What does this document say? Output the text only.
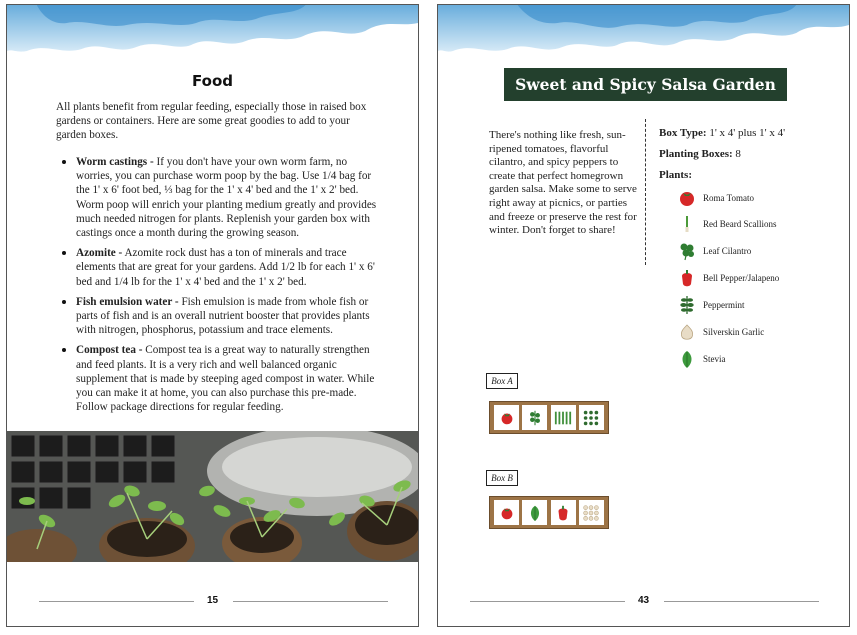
Food

All plants benefit from regular feeding, especially those in raised box gardens or containers. Here are some great goodies to add to your garden boxes.

Worm castings - If you don't have your own worm farm, no worries, you can purchase worm poop by the bag. Use 1/4 bag for the 1' x 6' foot bed, ⅓ bag for the 1' x 4' bed and the 1' x 2' bed. Worm poop will enrich your planting medium greatly and provides much needed nitrogen for plants. Replenish your garden box with castings once a month during the growing season.
Azomite - Azomite rock dust has a ton of minerals and trace elements that are great for your gardens. Add 1/2 lb for each 1' x 6' bed and 1/4 lb for the 1' x 4' bed and the 1' x 2' bed.
Fish emulsion water - Fish emulsion is made from whole fish or parts of fish and is an overall nutrient booster that provides plants with nitrogen, phosphorus, potassium and trace elements.
Compost tea - Compost tea is a great way to naturally strengthen and feed plants. It is a very rich and well balanced organic supplement that is made by steeping aged compost in water. While you can make it at home, you can also purchase this pre-made. Follow package directions for regular feeding.
15
Sweet and Spicy Salsa Garden

There's nothing like fresh, sun-ripened tomatoes, flavorful cilantro, and spicy peppers to create that perfect homegrown garden salsa. Make some to serve right away at picnics, or parties and freeze or preserve the rest for winter. Don't forget to share!

Box Type: 1' x 4' plus 1' x 4'
Planting Boxes: 8
Plants:
Roma Tomato
Red Beard Scallions
Leaf Cilantro
Bell Pepper/Jalapeno
Peppermint
Silverskin Garlic
Stevia
Box A
Box B
43
